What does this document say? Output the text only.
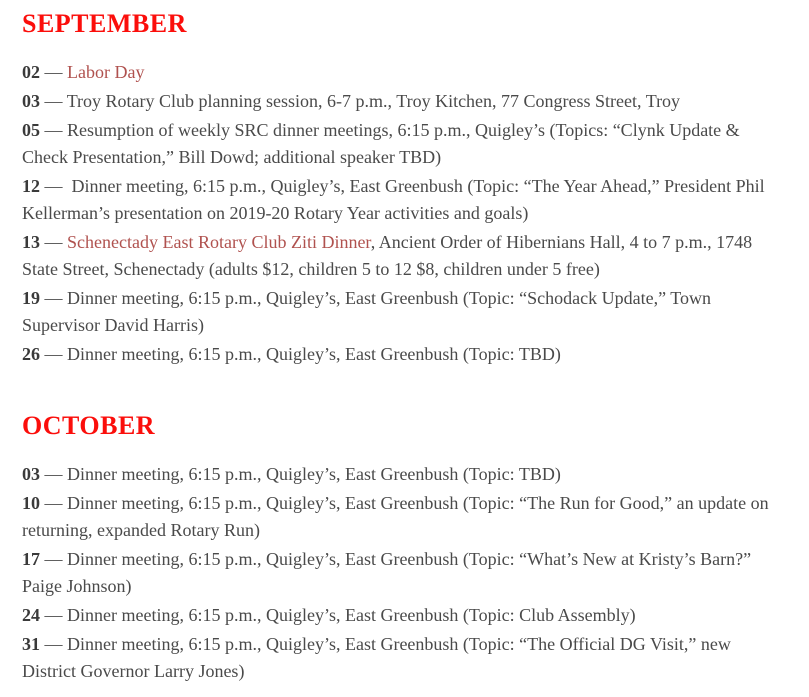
SEPTEMBER

02 — Labor Day

03 — Troy Rotary Club planning session, 6-7 p.m., Troy Kitchen, 77 Congress Street, Troy

05 — Resumption of weekly SRC dinner meetings, 6:15 p.m., Quigley’s (Topics: “Clynk Update & Check Presentation,” Bill Dowd; additional speaker TBD)

12 —  Dinner meeting, 6:15 p.m., Quigley’s, East Greenbush (Topic: “The Year Ahead,” President Phil Kellerman’s presentation on 2019-20 Rotary Year activities and goals)

13 — Schenectady East Rotary Club Ziti Dinner, Ancient Order of Hibernians Hall, 4 to 7 p.m., 1748 State Street, Schenectady (adults $12, children 5 to 12 $8, children under 5 free)

19 — Dinner meeting, 6:15 p.m., Quigley’s, East Greenbush (Topic: “Schodack Update,” Town Supervisor David Harris)

26 — Dinner meeting, 6:15 p.m., Quigley’s, East Greenbush (Topic: TBD)

OCTOBER

03 — Dinner meeting, 6:15 p.m., Quigley’s, East Greenbush (Topic: TBD)

10 — Dinner meeting, 6:15 p.m., Quigley’s, East Greenbush (Topic: “The Run for Good,” an update on returning, expanded Rotary Run)

17 — Dinner meeting, 6:15 p.m., Quigley’s, East Greenbush (Topic: “What’s New at Kristy’s Barn?” Paige Johnson)

24 — Dinner meeting, 6:15 p.m., Quigley’s, East Greenbush (Topic: Club Assembly)

31 — Dinner meeting, 6:15 p.m., Quigley’s, East Greenbush (Topic: “The Official DG Visit,” new District Governor Larry Jones)
